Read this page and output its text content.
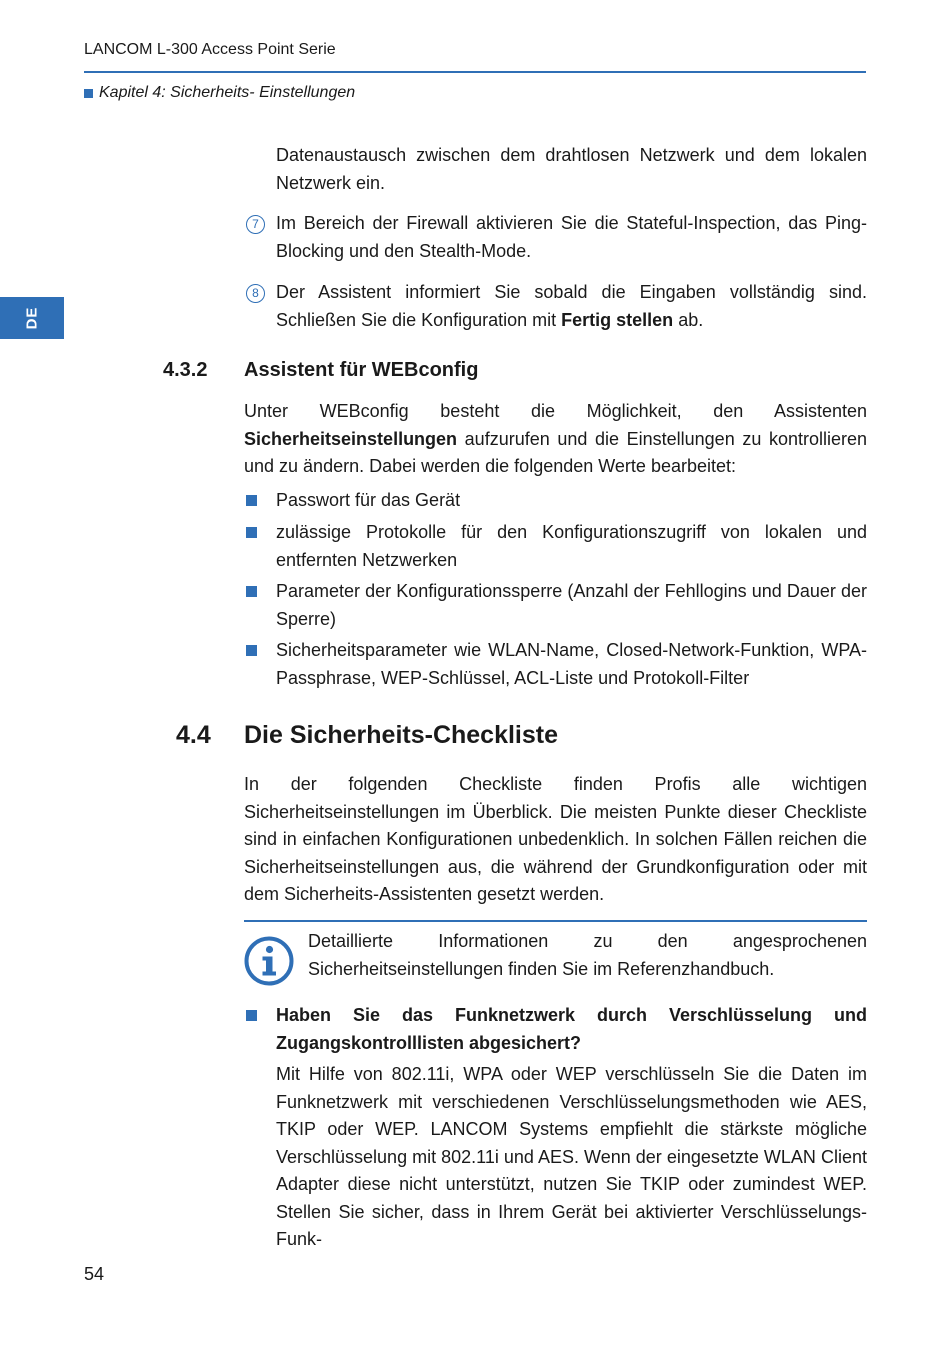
LANCOM L-300 Access Point Serie
Kapitel 4: Sicherheits- Einstellungen
DE
Datenaustausch zwischen dem drahtlosen Netzwerk und dem lokalen Netzwerk ein.
7 Im Bereich der Firewall aktivieren Sie die Stateful-Inspection, das Ping-Blocking und den Stealth-Mode.
8 Der Assistent informiert Sie sobald die Eingaben vollständig sind. Schließen Sie die Konfiguration mit Fertig stellen ab.
4.3.2 Assistent für WEBconfig
Unter WEBconfig besteht die Möglichkeit, den Assistenten Sicherheitseinstellungen aufzurufen und die Einstellungen zu kontrollieren und zu ändern. Dabei werden die folgenden Werte bearbeitet:
Passwort für das Gerät
zulässige Protokolle für den Konfigurationszugriff von lokalen und entfernten Netzwerken
Parameter der Konfigurationssperre (Anzahl der Fehllogins und Dauer der Sperre)
Sicherheitsparameter wie WLAN-Name, Closed-Network-Funktion, WPA-Passphrase, WEP-Schlüssel, ACL-Liste und Protokoll-Filter
4.4 Die Sicherheits-Checkliste
In der folgenden Checkliste finden Profis alle wichtigen Sicherheitseinstellungen im Überblick. Die meisten Punkte dieser Checkliste sind in einfachen Konfigurationen unbedenklich. In solchen Fällen reichen die Sicherheitseinstellungen aus, die während der Grundkonfiguration oder mit dem Sicherheits-Assistenten gesetzt werden.
Detaillierte Informationen zu den angesprochenen Sicherheitseinstellungen finden Sie im Referenzhandbuch.
Haben Sie das Funknetzwerk durch Verschlüsselung und Zugangskontrolllisten abgesichert?
Mit Hilfe von 802.11i, WPA oder WEP verschlüsseln Sie die Daten im Funknetzwerk mit verschiedenen Verschlüsselungsmethoden wie AES, TKIP oder WEP. LANCOM Systems empfiehlt die stärkste mögliche Verschlüsselung mit 802.11i und AES. Wenn der eingesetzte WLAN Client Adapter diese nicht unterstützt, nutzen Sie TKIP oder zumindest WEP. Stellen Sie sicher, dass in Ihrem Gerät bei aktivierter Verschlüsselungs-Funk-
54
